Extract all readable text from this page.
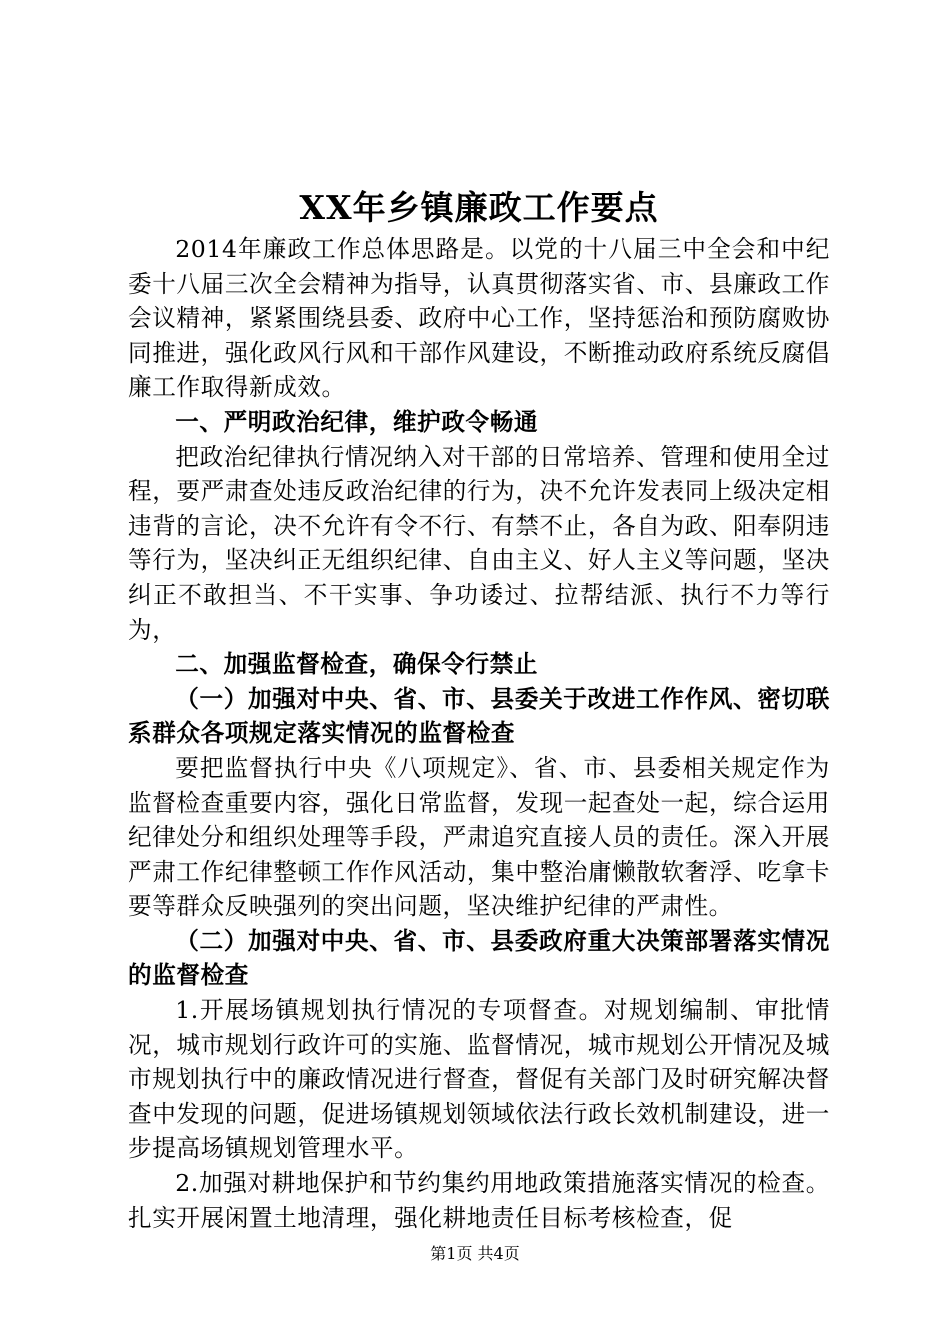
XX年乡镇廉政工作要点

2014年廉政工作总体思路是。以党的十八届三中全会和中纪委十八届三次全会精神为指导，认真贯彻落实省、市、县廉政工作会议精神，紧紧围绕县委、政府中心工作，坚持惩治和预防腐败协同推进，强化政风行风和干部作风建设，不断推动政府系统反腐倡廉工作取得新成效。

一、严明政治纪律，维护政令畅通

把政治纪律执行情况纳入对干部的日常培养、管理和使用全过程，要严肃查处违反政治纪律的行为，决不允许发表同上级决定相违背的言论，决不允许有令不行、有禁不止，各自为政、阳奉阴违等行为，坚决纠正无组织纪律、自由主义、好人主义等问题，坚决纠正不敢担当、不干实事、争功诿过、拉帮结派、执行不力等行为，

二、加强监督检查，确保令行禁止

（一）加强对中央、省、市、县委关于改进工作作风、密切联系群众各项规定落实情况的监督检查

要把监督执行中央《八项规定》、省、市、县委相关规定作为监督检查重要内容，强化日常监督，发现一起查处一起，综合运用纪律处分和组织处理等手段，严肃追究直接人员的责任。深入开展严肃工作纪律整顿工作作风活动，集中整治庸懒散软奢浮、吃拿卡要等群众反映强列的突出问题，坚决维护纪律的严肃性。

（二）加强对中央、省、市、县委政府重大决策部署落实情况的监督检查

1.开展场镇规划执行情况的专项督查。对规划编制、审批情况，城市规划行政许可的实施、监督情况，城市规划公开情况及城市规划执行中的廉政情况进行督查，督促有关部门及时研究解决督查中发现的问题，促进场镇规划领域依法行政长效机制建设，进一步提高场镇规划管理水平。

2.加强对耕地保护和节约集约用地政策措施落实情况的检查。扎实开展闲置土地清理，强化耕地责任目标考核检查，促

第1页 共4页
